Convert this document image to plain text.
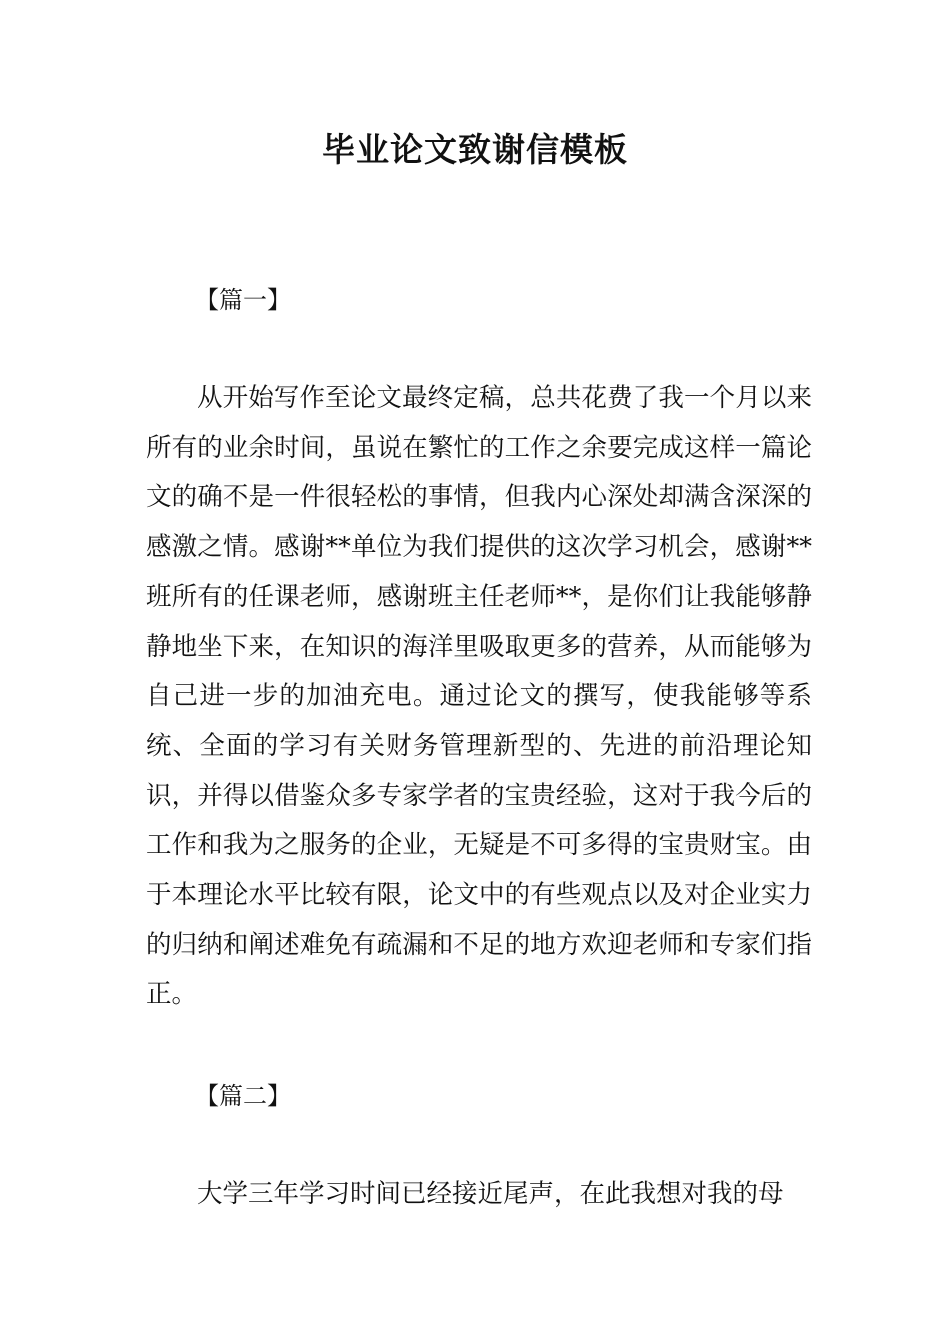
毕业论文致谢信模板
【篇一】

从开始写作至论文最终定稿，总共花费了我一个月以来所有的业余时间，虽说在繁忙的工作之余要完成这样一篇论文的确不是一件很轻松的事情，但我内心深处却满含深深的感激之情。感谢**单位为我们提供的这次学习机会，感谢**班所有的任课老师，感谢班主任老师**，是你们让我能够静静地坐下来，在知识的海洋里吸取更多的营养，从而能够为自己进一步的加油充电。通过论文的撰写，使我能够等系统、全面的学习有关财务管理新型的、先进的前沿理论知识，并得以借鉴众多专家学者的宝贵经验，这对于我今后的工作和我为之服务的企业，无疑是不可多得的宝贵财宝。由于本理论水平比较有限，论文中的有些观点以及对企业实力的归纳和阐述难免有疏漏和不足的地方欢迎老师和专家们指正。

【篇二】

大学三年学习时间已经接近尾声，在此我想对我的母
